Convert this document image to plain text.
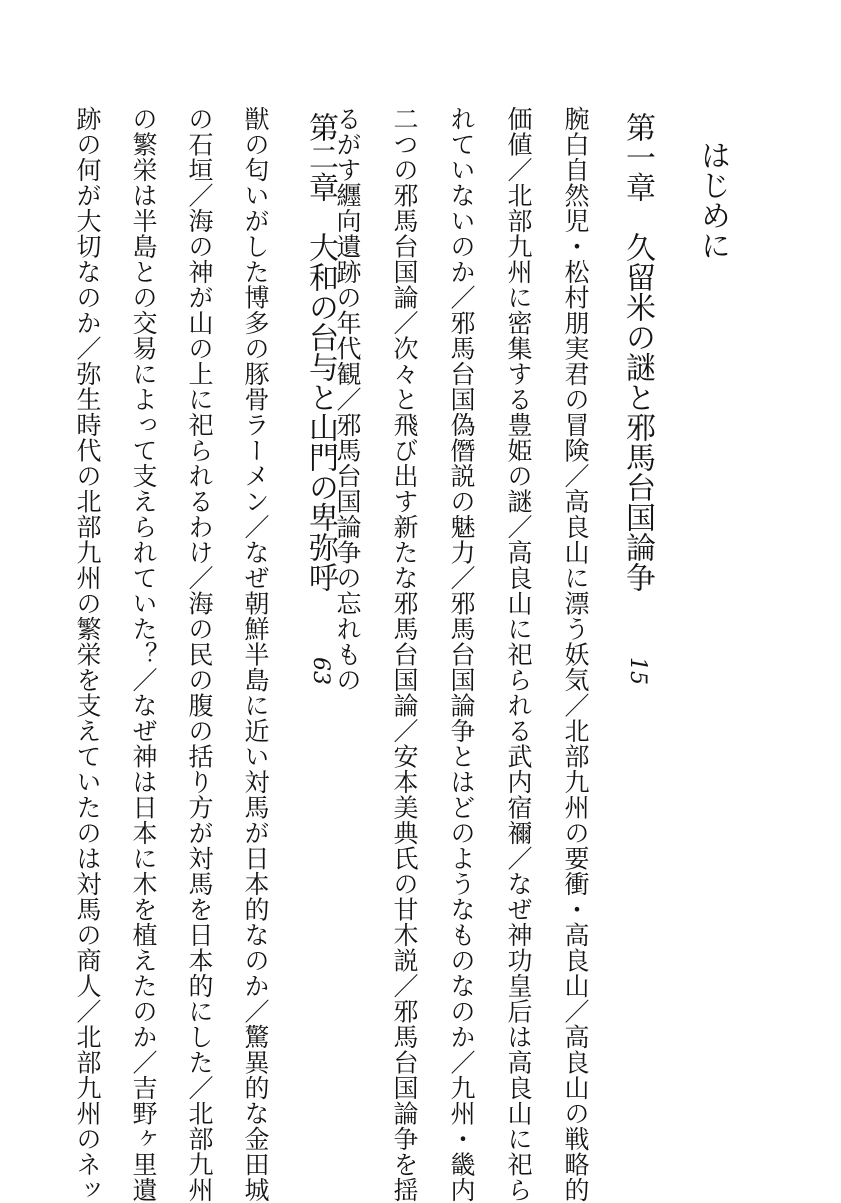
はじめに
第一章　久留米の謎と邪馬台国論争 15
腕白自然児・松村朋実君の冒険／高良山に漂う妖気／北部九州の要衝・高良山／高良山の戦略的
価値／北部九州に密集する豊姫の謎／高良山に祀られる武内宿禰／なぜ神功皇后は高良山に祀ら
れていないのか／邪馬台国偽僭説の魅力／邪馬台国論争とはどのようなものなのか／九州・畿内
二つの邪馬台国論／次々と飛び出す新たな邪馬台国論／安本美典氏の甘木説／邪馬台国論争を揺
るがす纒向遺跡の年代観／邪馬台国論争の忘れもの
第二章　大和の台与と山門の卑弥呼 63
獣の匂いがした博多の豚骨ラーメン／なぜ朝鮮半島に近い対馬が日本的なのか／驚異的な金田城
の石垣／海の神が山の上に祀られるわけ／海の民の腹の括り方が対馬を日本的にした／北部九州
の繁栄は半島との交易によって支えられていた？／なぜ神は日本に木を植えたのか／吉野ヶ里遺
跡の何が大切なのか／弥生時代の北部九州の繁栄を支えていたのは対馬の商人／北部九州のネッ
